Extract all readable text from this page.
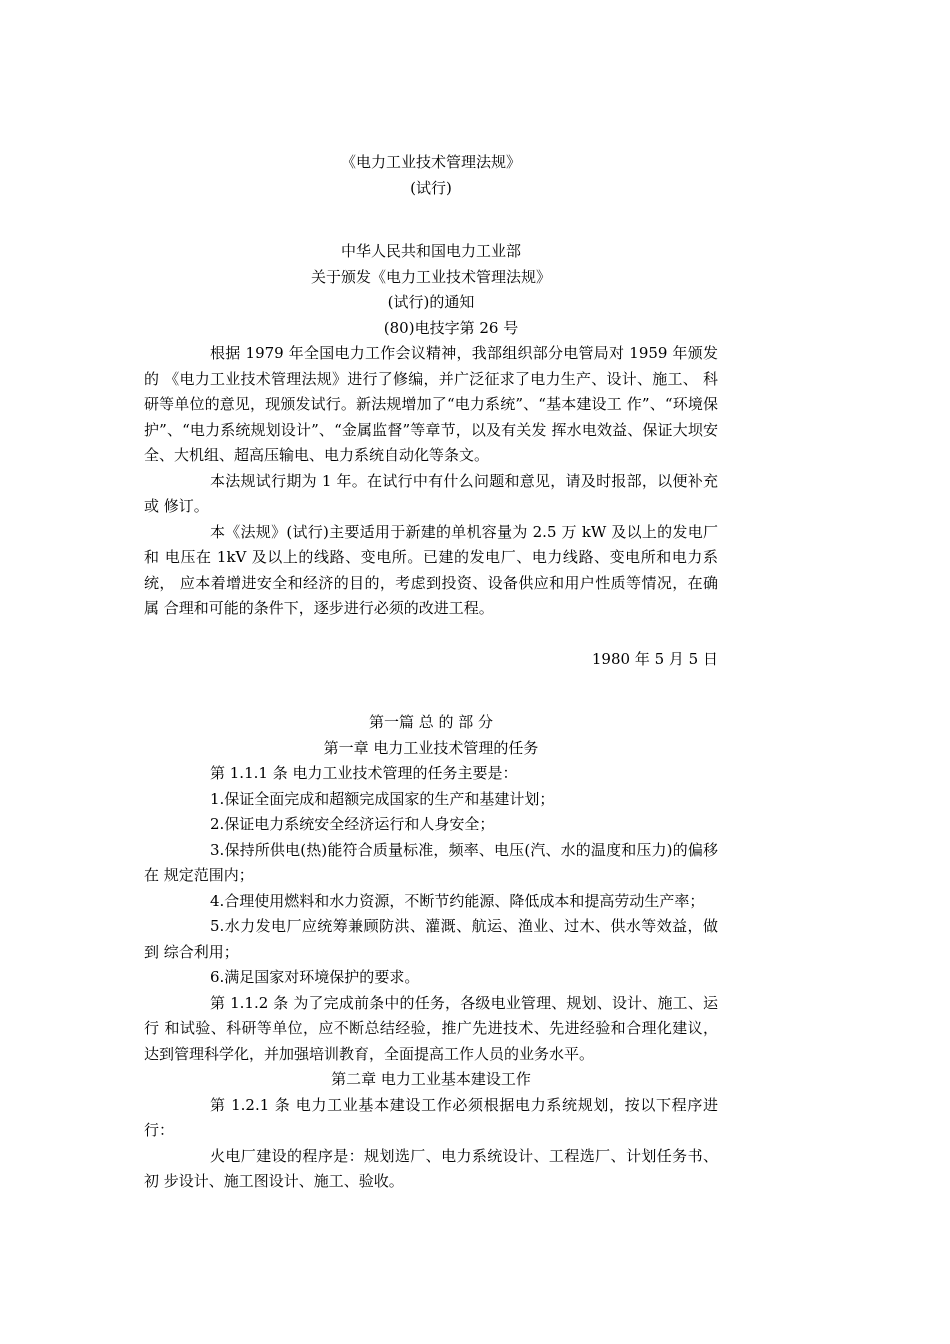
《电力工业技术管理法规》
(试行)
中华人民共和国电力工业部
关于颁发《电力工业技术管理法规》
(试行)的通知
(80)电技字第 26 号

根据 1979 年全国电力工作会议精神，我部组织部分电管局对 1959 年颁发的 《电力工业技术管理法规》进行了修编，并广泛征求了电力生产、设计、施工、 科研等单位的意见，现颁发试行。新法规增加了“电力系统”、“基本建设工 作”、“环境保护”、“电力系统规划设计”、“金属监督”等章节，以及有关发 挥水电效益、保证大坝安全、大机组、超高压输电、电力系统自动化等条文。

本法规试行期为 1 年。在试行中有什么问题和意见，请及时报部，以便补充或 修订。

本《法规》(试行)主要适用于新建的单机容量为 2.5 万 kW 及以上的发电厂和 电压在 1kV 及以上的线路、变电所。已建的发电厂、电力线路、变电所和电力系统， 应本着增进安全和经济的目的，考虑到投资、设备供应和用户性质等情况，在确属 合理和可能的条件下，逐步进行必须的改进工程。

1980 年 5 月 5 日
第一篇 总 的 部 分
第一章 电力工业技术管理的任务

第 1.1.1 条 电力工业技术管理的任务主要是：

1.保证全面完成和超额完成国家的生产和基建计划；

2.保证电力系统安全经济运行和人身安全；

3.保持所供电(热)能符合质量标准，频率、电压(汽、水的温度和压力)的偏移在 规定范围内；

4.合理使用燃料和水力资源，不断节约能源、降低成本和提高劳动生产率；

5.水力发电厂应统筹兼顾防洪、灌溉、航运、渔业、过木、供水等效益，做到 综合利用；

6.满足国家对环境保护的要求。

第 1.1.2 条 为了完成前条中的任务，各级电业管理、规划、设计、施工、运行 和试验、科研等单位，应不断总结经验，推广先进技术、先进经验和合理化建议， 达到管理科学化，并加强培训教育，全面提高工作人员的业务水平。

第二章 电力工业基本建设工作

第 1.2.1 条 电力工业基本建设工作必须根据电力系统规划，按以下程序进行：

火电厂建设的程序是：规划选厂、电力系统设计、工程选厂、计划任务书、初 步设计、施工图设计、施工、验收。
